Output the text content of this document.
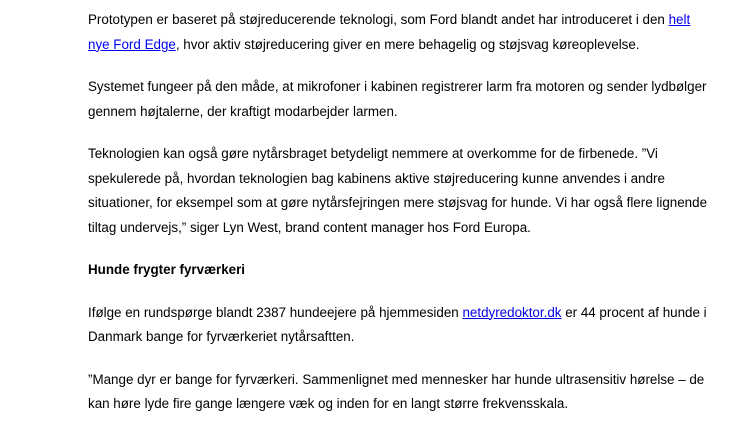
Prototypen er baseret på støjreducerende teknologi, som Ford blandt andet har introduceret i den helt nye Ford Edge, hvor aktiv støjreducering giver en mere behagelig og støjsvag køreoplevelse.

Systemet fungeer på den måde, at mikrofoner i kabinen registrerer larm fra motoren og sender lydbølger gennem højtalerne, der kraftigt modarbejder larmen.

Teknologien kan også gøre nytårsbraget betydeligt nemmere at overkomme for de firbenede. ”Vi spekulerede på, hvordan teknologien bag kabinens aktive støjreducering kunne anvendes i andre situationer, for eksempel som at gøre nytårsfejringen mere støjsvag for hunde. Vi har også flere lignende tiltag undervejs,” siger Lyn West, brand content manager hos Ford Europa.

Hunde frygter fyrværkeri

Ifølge en rundspørge blandt 2387 hundeejere på hjemmesiden netdyredoktor.dk er 44 procent af hunde i Danmark bange for fyrværkeriet nytårsaftten.

”Mange dyr er bange for fyrværkeri. Sammenlignet med mennesker har hunde ultrasensitiv hørelse – de kan høre lyde fire gange længere væk og inden for en langt større frekvensskala.
